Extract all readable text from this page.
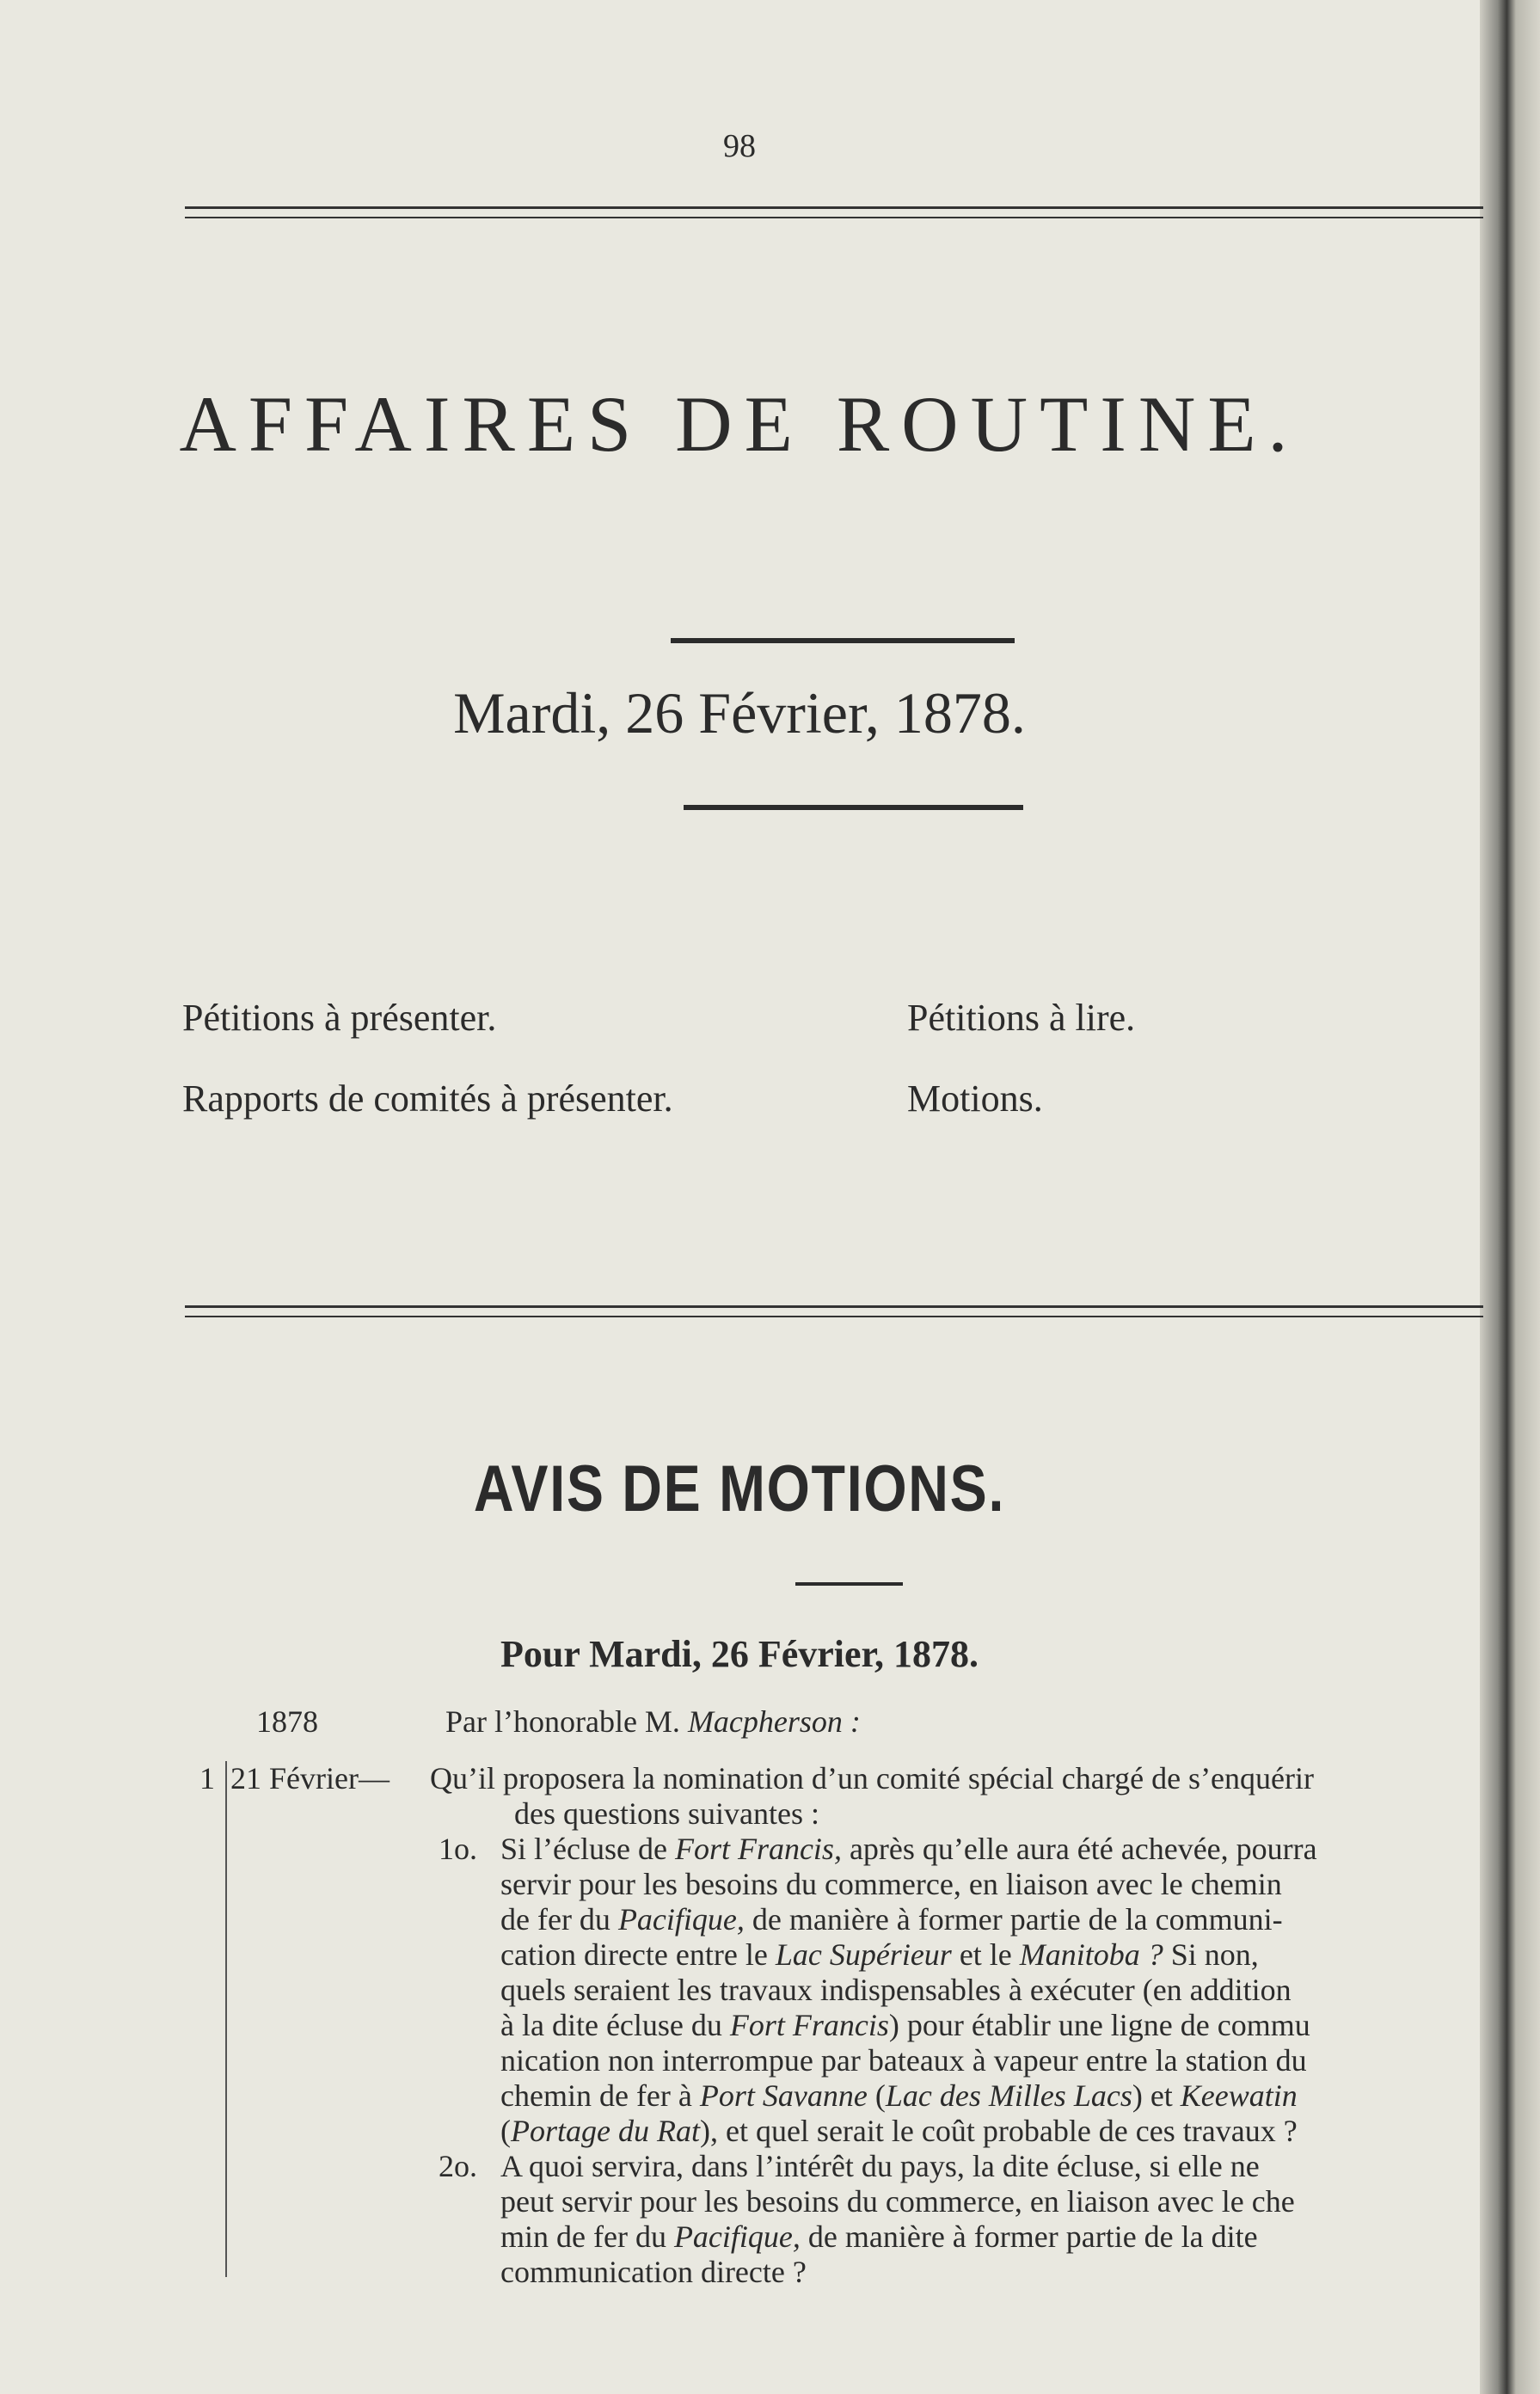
98
AFFAIRES DE ROUTINE.
Mardi, 26 Février, 1878.
Pétitions à présenter.
Rapports de comités à présenter.
Pétitions à lire.
Motions.
AVIS DE MOTIONS.
Pour Mardi, 26 Février, 1878.
1878	Par l’honorable M. Macpherson :
1 21 Février— Qu’il proposera la nomination d’un comité spécial chargé de s’enquérir
des questions suivantes :
1o. Si l’écluse de Fort Francis, après qu’elle aura été achevée, pourra
servir pour les besoins du commerce, en liaison avec le chemin
de fer du Pacifique, de manière à former partie de la communi-
cation directe entre le Lac Supérieur et le Manitoba ? Si non,
quels seraient les travaux indispensables à exécuter (en addition
à la dite écluse du Fort Francis) pour établir une ligne de commu
nication non interrompue par bateaux à vapeur entre la station du
chemin de fer à Port Savanne (Lac des Milles Lacs) et Keewatin
(Portage du Rat), et quel serait le coût probable de ces travaux ?
2o. A quoi servira, dans l’intérêt du pays, la dite écluse, si elle ne
peut servir pour les besoins du commerce, en liaison avec le che
min de fer du Pacifique, de manière à former partie de la dite
communication directe ?
